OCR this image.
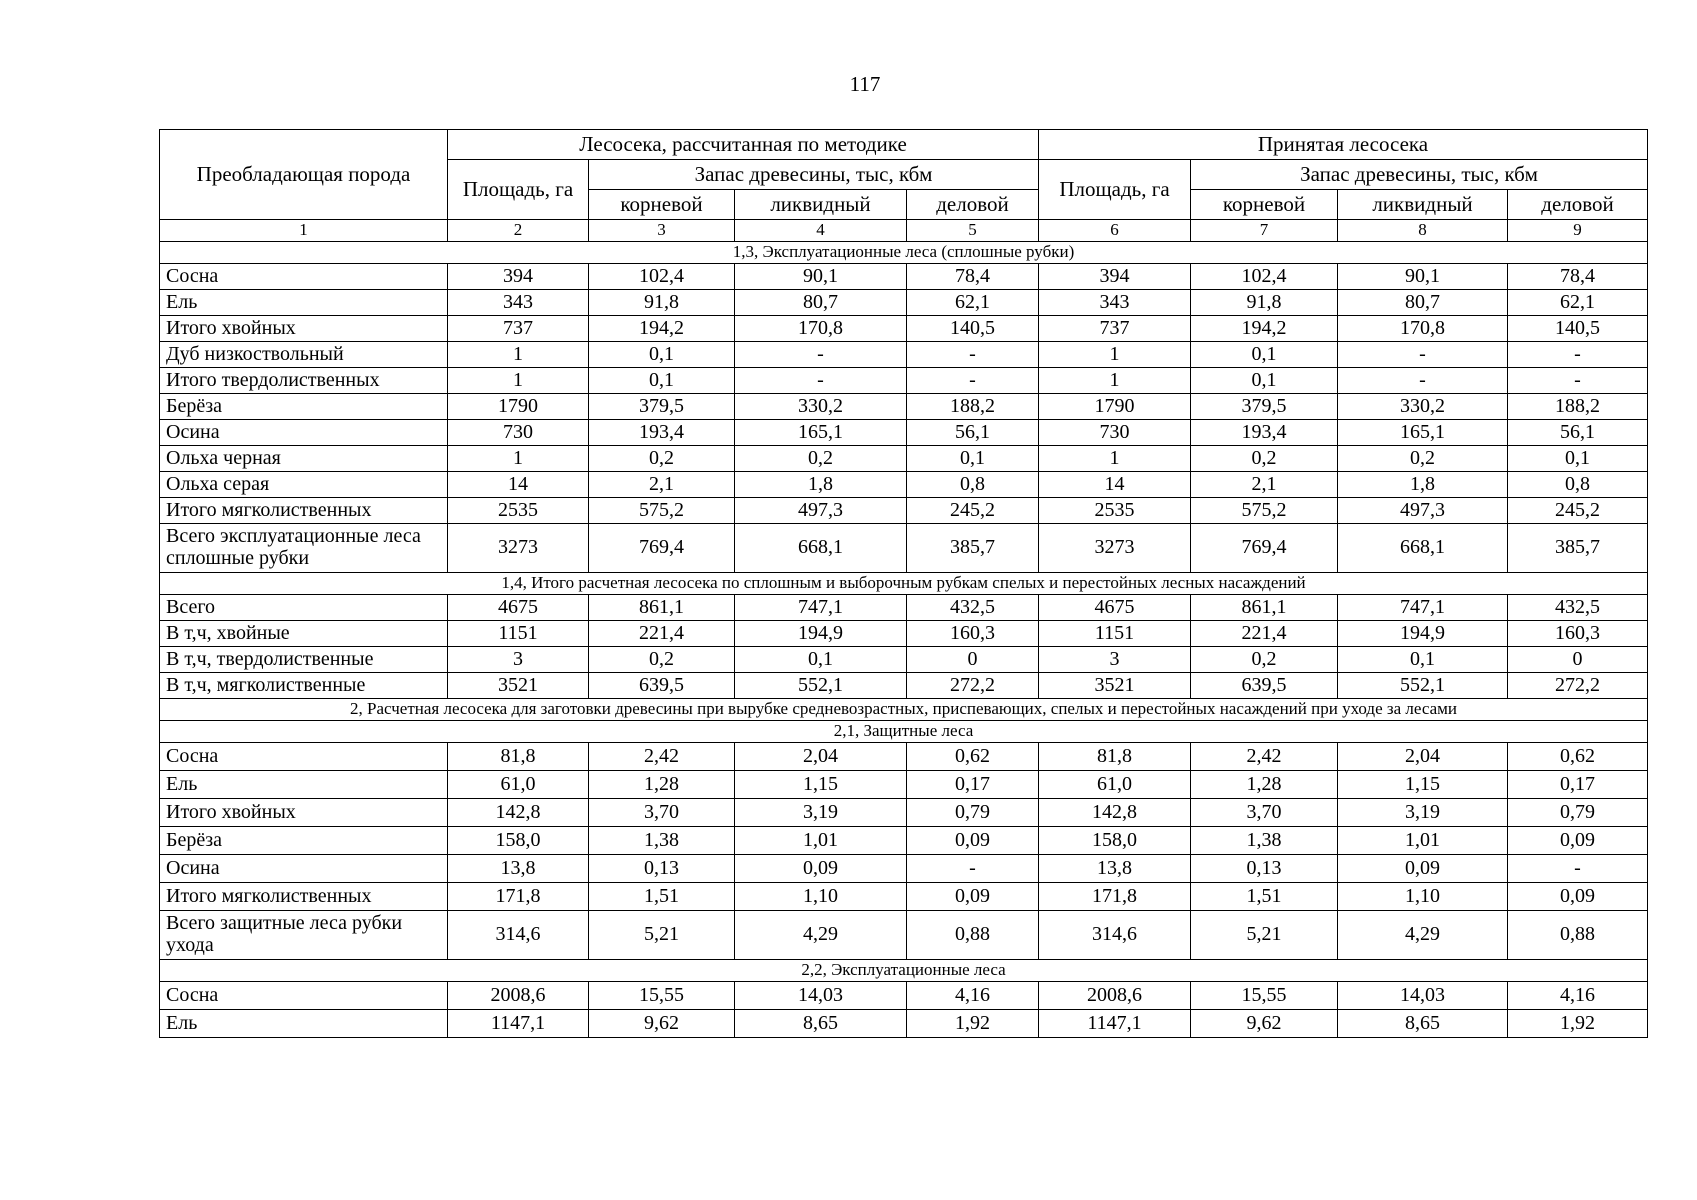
117
Преобладающая порода	Лесосека, рассчитанная по методике				Принятая лесосека			
	Площадь, га	Запас древесины, тыс, кбм			Площадь, га	Запас древесины, тыс, кбм		
		корневой	ликвидный	деловой		корневой	ликвидный	деловой
1	2	3	4	5	6	7	8	9
1,3, Эксплуатационные леса (сплошные рубки)								
Сосна	394	102,4	90,1	78,4	394	102,4	90,1	78,4
Ель	343	91,8	80,7	62,1	343	91,8	80,7	62,1
Итого хвойных	737	194,2	170,8	140,5	737	194,2	170,8	140,5
Дуб низкоствольный	1	0,1	-	-	1	0,1	-	-
Итого твердолиственных	1	0,1	-	-	1	0,1	-	-
Берёза	1790	379,5	330,2	188,2	1790	379,5	330,2	188,2
Осина	730	193,4	165,1	56,1	730	193,4	165,1	56,1
Ольха черная	1	0,2	0,2	0,1	1	0,2	0,2	0,1
Ольха серая	14	2,1	1,8	0,8	14	2,1	1,8	0,8
Итого мягколиственных	2535	575,2	497,3	245,2	2535	575,2	497,3	245,2
Всего эксплуатационные леса сплошные рубки	3273	769,4	668,1	385,7	3273	769,4	668,1	385,7
1,4, Итого расчетная лесосека по сплошным и выборочным рубкам спелых и перестойных лесных насаждений								
Всего	4675	861,1	747,1	432,5	4675	861,1	747,1	432,5
В т,ч, хвойные	1151	221,4	194,9	160,3	1151	221,4	194,9	160,3
В т,ч, твердолиственные	3	0,2	0,1	0	3	0,2	0,1	0
В т,ч, мягколиственные	3521	639,5	552,1	272,2	3521	639,5	552,1	272,2
2, Расчетная лесосека для заготовки древесины при вырубке средневозрастных, приспевающих, спелых и перестойных насаждений при уходе за лесами								
2,1, Защитные леса								
Сосна	81,8	2,42	2,04	0,62	81,8	2,42	2,04	0,62
Ель	61,0	1,28	1,15	0,17	61,0	1,28	1,15	0,17
Итого хвойных	142,8	3,70	3,19	0,79	142,8	3,70	3,19	0,79
Берёза	158,0	1,38	1,01	0,09	158,0	1,38	1,01	0,09
Осина	13,8	0,13	0,09	-	13,8	0,13	0,09	-
Итого мягколиственных	171,8	1,51	1,10	0,09	171,8	1,51	1,10	0,09
Всего защитные леса рубки ухода	314,6	5,21	4,29	0,88	314,6	5,21	4,29	0,88
2,2, Эксплуатационные леса								
Сосна	2008,6	15,55	14,03	4,16	2008,6	15,55	14,03	4,16
Ель	1147,1	9,62	8,65	1,92	1147,1	9,62	8,65	1,92
